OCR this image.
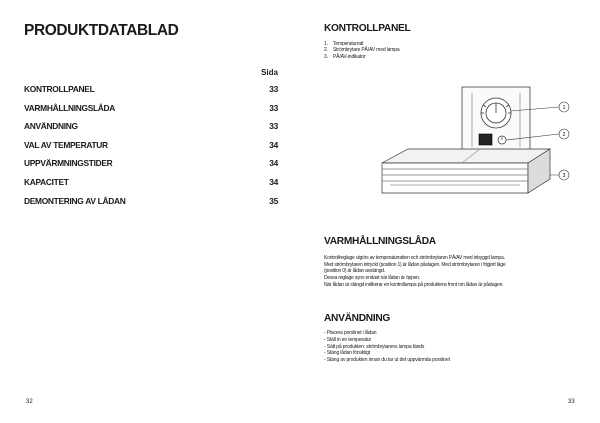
PRODUKTDATABLAD
Sida
KONTROLLPANEL	33
VARMHÅLLNINGSLÅDA	33
ANVÄNDNING	33
VAL AV TEMPERATUR	34
UPPVÄRMNINGSTIDER	34
KAPACITET	34
DEMONTERING AV LÅDAN	35
32
KONTROLLPANEL
1. Temperaturratt
2. Strömbrytare PÅ/AV med lampa
3. PÅ/AV-indikator
1
2
3
VARMHÅLLNINGSLÅDA
Kontrollreglage utgörs av temperaturratten och strömbrytaren PÅ/AV med inbyggd lampa.
Med strömbrytaren intryckt (position 1) är lådan påslagen. Med strömbrytaren i frigjort läge
(position 0) är lådan avstängd.
Dessa reglage syns endast när lådan är öppen.
När lådan är stängd indikerar en kontrollampa på produktens front om lådan är påslagen.
ANVÄNDNING
- Placera porslinet i lådan
- Ställ in en temperatur
- Sätt på produkten: strömbrytarens lampa tänds
- Stäng lådan försiktigt
- Stäng av produkten innan du tar ut det uppvärmda porslinet
33
